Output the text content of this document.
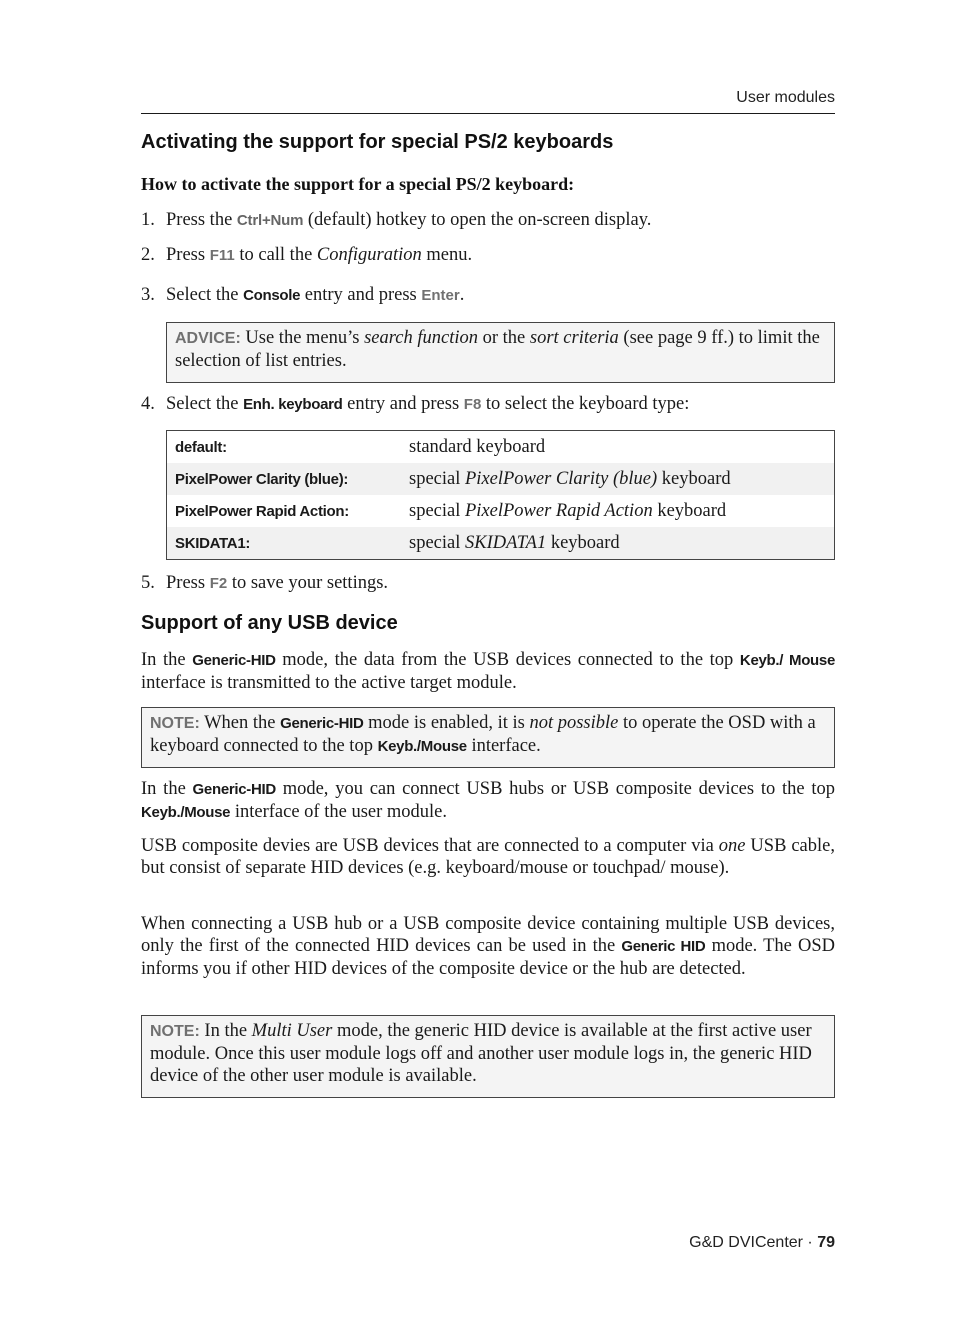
User modules
Activating the support for special PS/2 keyboards
How to activate the support for a special PS/2 keyboard:
1. Press the Ctrl+Num (default) hotkey to open the on-screen display.
2. Press F11 to call the Configuration menu.
3. Select the Console entry and press Enter.
ADVICE: Use the menu’s search function or the sort criteria (see page 9 ff.) to limit the selection of list entries.
4. Select the Enh. keyboard entry and press F8 to select the keyboard type:
default:	standard keyboard
PixelPower Clarity (blue):	special PixelPower Clarity (blue) keyboard
PixelPower Rapid Action:	special PixelPower Rapid Action keyboard
SKIDATA1:	special SKIDATA1 keyboard
5. Press F2 to save your settings.
Support of any USB device
In the Generic-HID mode, the data from the USB devices connected to the top Keyb./ Mouse interface is transmitted to the active target module.
NOTE: When the Generic-HID mode is enabled, it is not possible to operate the OSD with a keyboard connected to the top Keyb./Mouse interface.
In the Generic-HID mode, you can connect USB hubs or USB composite devices to the top Keyb./Mouse interface of the user module.
USB composite devies are USB devices that are connected to a computer via one USB cable, but consist of separate HID devices (e.g. keyboard/mouse or touchpad/ mouse).
When connecting a USB hub or a USB composite device containing multiple USB devices, only the first of the connected HID devices can be used in the Generic HID mode. The OSD informs you if other HID devices of the composite device or the hub are detected.
NOTE: In the Multi User mode, the generic HID device is available at the first active user module. Once this user module logs off and another user module logs in, the generic HID device of the other user module is available.
G&D DVICenter · 79
